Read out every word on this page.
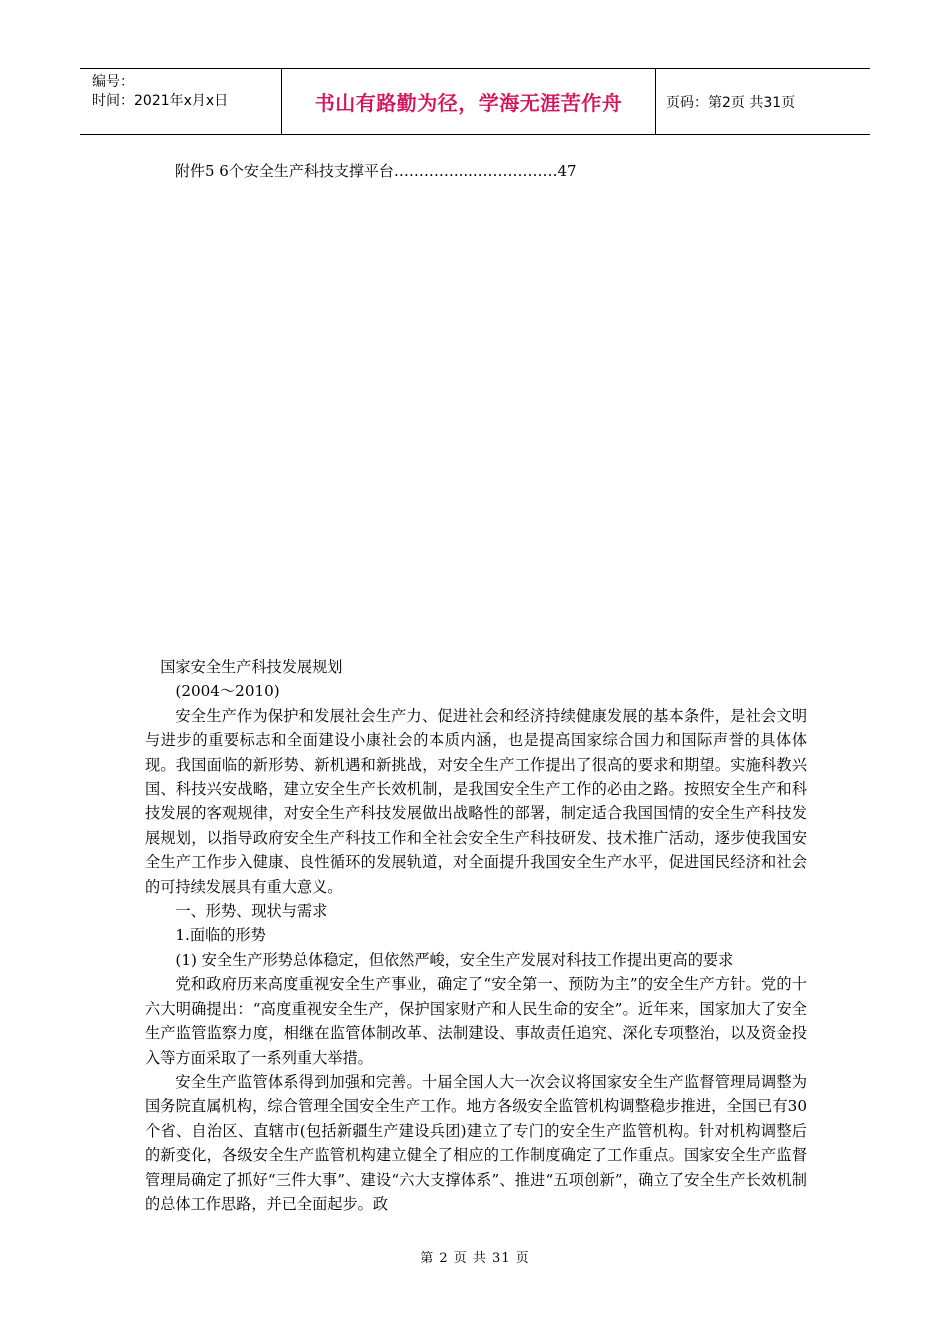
编号：
时间：2021年x月x日	书山有路勤为径，学海无涯苦作舟	页码：第2页 共31页
附件5 6个安全生产科技支撑平台…………......……………47

国家安全生产科技发展规划

(2004～2010)

安全生产作为保护和发展社会生产力、促进社会和经济持续健康发展的基本条件，是社会文明与进步的重要标志和全面建设小康社会的本质内涵，也是提高国家综合国力和国际声誉的具体体现。我国面临的新形势、新机遇和新挑战，对安全生产工作提出了很高的要求和期望。实施科教兴国、科技兴安战略，建立安全生产长效机制，是我国安全生产工作的必由之路。按照安全生产和科技发展的客观规律，对安全生产科技发展做出战略性的部署，制定适合我国国情的安全生产科技发展规划，以指导政府安全生产科技工作和全社会安全生产科技研发、技术推广活动，逐步使我国安全生产工作步入健康、良性循环的发展轨道，对全面提升我国安全生产水平，促进国民经济和社会的可持续发展具有重大意义。

一、形势、现状与需求

1.面临的形势

(1) 安全生产形势总体稳定，但依然严峻，安全生产发展对科技工作提出更高的要求

党和政府历来高度重视安全生产事业，确定了“安全第一、预防为主”的安全生产方针。党的十六大明确提出：“高度重视安全生产，保护国家财产和人民生命的安全”。近年来，国家加大了安全生产监管监察力度，相继在监管体制改革、法制建设、事故责任追究、深化专项整治，以及资金投入等方面采取了一系列重大举措。

安全生产监管体系得到加强和完善。十届全国人大一次会议将国家安全生产监督管理局调整为国务院直属机构，综合管理全国安全生产工作。地方各级安全监管机构调整稳步推进，全国已有30个省、自治区、直辖市(包括新疆生产建设兵团)建立了专门的安全生产监管机构。针对机构调整后的新变化，各级安全生产监管机构建立健全了相应的工作制度确定了工作重点。国家安全生产监督管理局确定了抓好“三件大事”、建设“六大支撑体系”、推进“五项创新”，确立了安全生产长效机制的总体工作思路，并已全面起步。政

第 2 页 共 31 页
